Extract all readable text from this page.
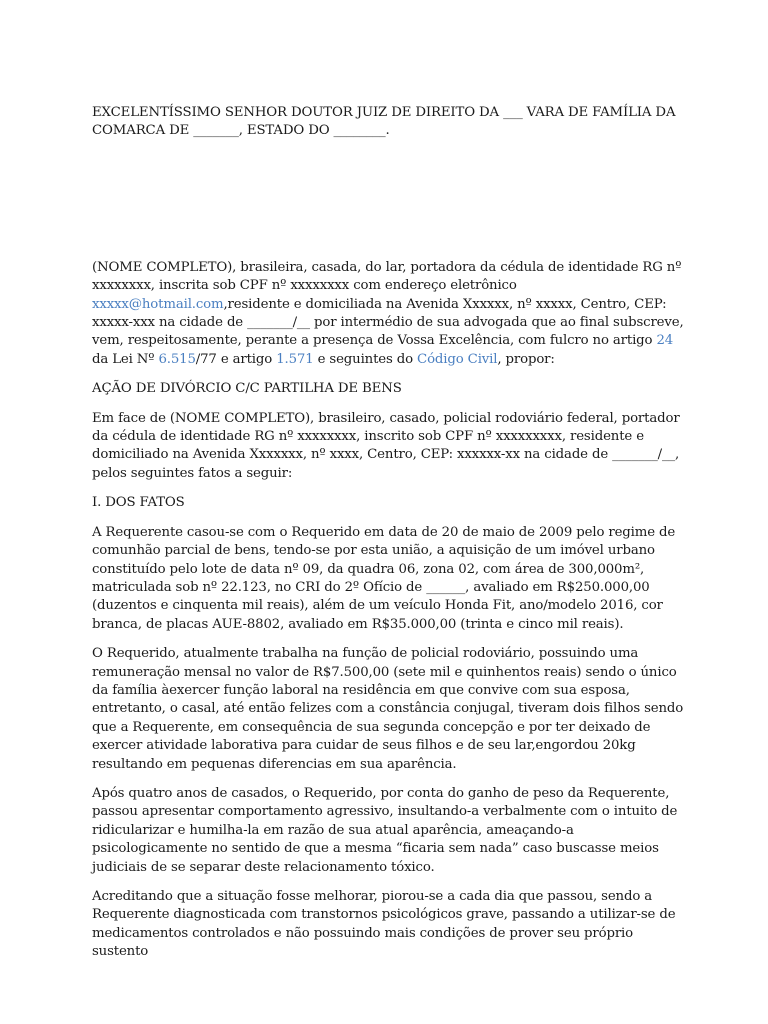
EXCELENTÍSSIMO SENHOR DOUTOR JUIZ DE DIREITO DA ___ VARA DE FAMÍLIA DA
COMARCA DE _______, ESTADO DO ________.

(NOME COMPLETO), brasileira, casada, do lar, portadora da cédula de identidade RG nº xxxxxxxx, inscrita sob CPF nº xxxxxxxx com endereço eletrônico xxxxx@hotmail.com,residente e domiciliada na Avenida Xxxxxx, nº xxxxx, Centro, CEP: xxxxx-xxx na cidade de _______/__ por intermédio de sua advogada que ao final subscreve, vem, respeitosamente, perante a presença de Vossa Excelência, com fulcro no artigo 24 da Lei Nº 6.515/77 e artigo 1.571 e seguintes do Código Civil, propor:

AÇÃO DE DIVÓRCIO C/C PARTILHA DE BENS

Em face de (NOME COMPLETO), brasileiro, casado, policial rodoviário federal, portador da cédula de identidade RG nº xxxxxxxx, inscrito sob CPF nº xxxxxxxxx, residente e domiciliado na Avenida Xxxxxxx, nº xxxx, Centro, CEP: xxxxxx-xx na cidade de _______/__, pelos seguintes fatos a seguir:

I. DOS FATOS

A Requerente casou-se com o Requerido em data de 20 de maio de 2009 pelo regime de comunhão parcial de bens, tendo-se por esta união, a aquisição de um imóvel urbano constituído pelo lote de data nº 09, da quadra 06, zona 02, com área de 300,000m², matriculada sob nº 22.123, no CRI do 2º Ofício de ______, avaliado em R$250.000,00 (duzentos e cinquenta mil reais), além de um veículo Honda Fit, ano/modelo 2016, cor branca, de placas AUE-8802, avaliado em R$35.000,00 (trinta e cinco mil reais).

O Requerido, atualmente trabalha na função de policial rodoviário, possuindo uma remuneração mensal no valor de R$7.500,00 (sete mil e quinhentos reais) sendo o único da família àexercer função laboral na residência em que convive com sua esposa, entretanto, o casal, até então felizes com a constância conjugal, tiveram dois filhos sendo que a Requerente, em consequência de sua segunda concepção e por ter deixado de exercer atividade laborativa para cuidar de seus filhos e de seu lar,engordou 20kg resultando em pequenas diferencias em sua aparência.

Após quatro anos de casados, o Requerido, por conta do ganho de peso da Requerente, passou apresentar comportamento agressivo, insultando-a verbalmente com o intuito de ridicularizar e humilha-la em razão de sua atual aparência, ameaçando-a psicologicamente no sentido de que a mesma “ficaria sem nada” caso buscasse meios judiciais de se separar deste relacionamento tóxico.

Acreditando que a situação fosse melhorar, piorou-se a cada dia que passou, sendo a Requerente diagnosticada com transtornos psicológicos grave, passando a utilizar-se de medicamentos controlados e não possuindo mais condições de prover seu próprio sustento
